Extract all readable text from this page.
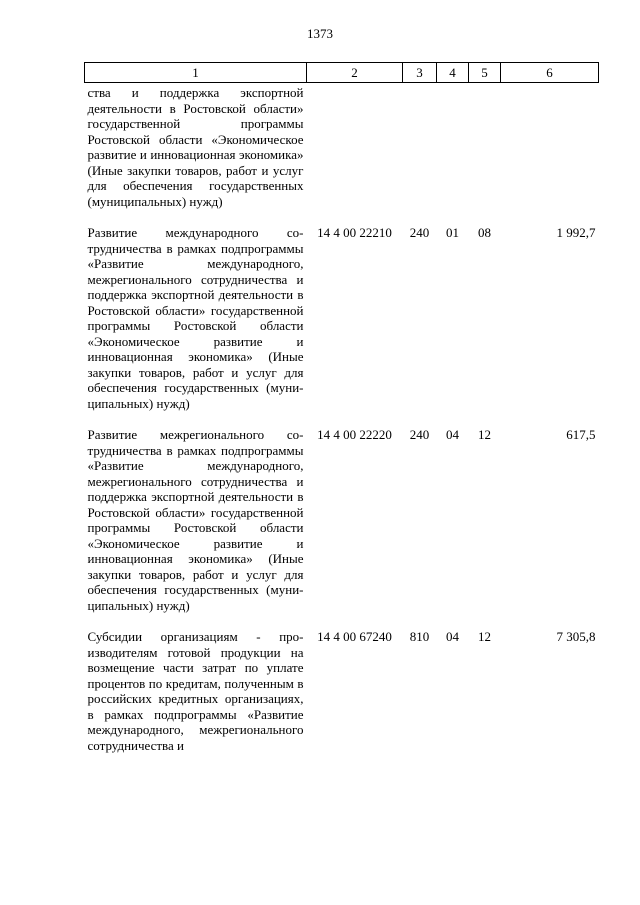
1373
1	2	3	4	5	6
ства и поддержка экспортной деятельности в Ростовской области» государственной программы Ростовской области «Экономическое развитие и инновационная экономика» (Иные закупки товаров, работ и услуг для обеспечения государственных (муниципальных) нужд)					
Развитие международного сотрудничества в рамках подпрограммы «Развитие международного, межрегионального сотрудничества и поддержка экспортной деятельности в Ростовской области» государственной программы Ростовской области «Экономическое развитие и инновационная экономика» (Иные закупки товаров, работ и услуг для обеспечения государственных (муниципальных) нужд)	14 4 00 22210	240	01	08	1 992,7
Развитие межрегионального сотрудничества в рамках подпрограммы «Развитие международного, межрегионального сотрудничества и поддержка экспортной деятельности в Ростовской области» государственной программы Ростовской области «Экономическое развитие и инновационная экономика» (Иные закупки товаров, работ и услуг для обеспечения государственных (муниципальных) нужд)	14 4 00 22220	240	04	12	617,5
Субсидии организациям - производителям готовой продукции на возмещение части затрат по уплате процентов по кредитам, полученным в российских кредитных организациях, в рамках подпрограммы «Развитие международного, межрегионального сотрудничества и	14 4 00 67240	810	04	12	7 305,8
